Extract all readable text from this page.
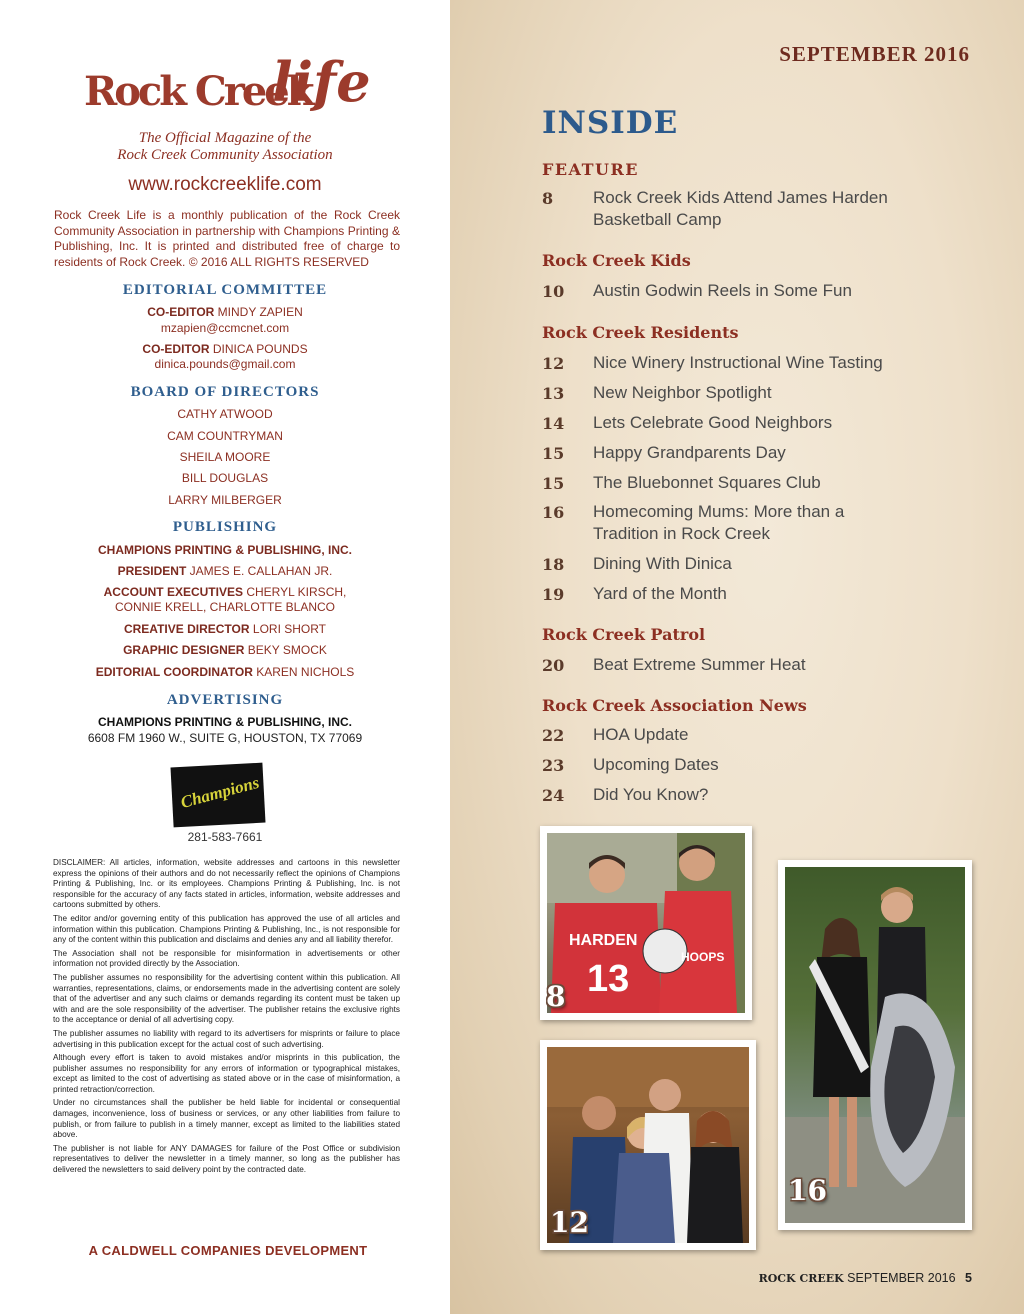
Rock Creek
life
The Official Magazine of the
Rock Creek Community Association
www.rockcreeklife.com
Rock Creek Life is a monthly publication of the Rock Creek Community Association in partnership with Champions Printing & Publishing, Inc. It is printed and distributed free of charge to residents of Rock Creek. © 2016 ALL RIGHTS RESERVED
EDITORIAL COMMITTEE
CO-EDITOR MINDY ZAPIEN
mzapien@ccmcnet.com
CO-EDITOR DINICA POUNDS
dinica.pounds@gmail.com
BOARD OF DIRECTORS
CATHY ATWOOD
CAM COUNTRYMAN
SHEILA MOORE
BILL DOUGLAS
LARRY MILBERGER
PUBLISHING
CHAMPIONS PRINTING & PUBLISHING, INC.
PRESIDENT JAMES E. CALLAHAN JR.
ACCOUNT EXECUTIVES CHERYL KIRSCH,
CONNIE KRELL, CHARLOTTE BLANCO
CREATIVE DIRECTOR LORI SHORT
GRAPHIC DESIGNER BEKY SMOCK
EDITORIAL COORDINATOR KAREN NICHOLS
ADVERTISING
CHAMPIONS PRINTING & PUBLISHING, INC.
6608 FM 1960 W., SUITE G, HOUSTON, TX 77069
Champions
281-583-7661

DISCLAIMER: All articles, information, website addresses and cartoons in this newsletter express the opinions of their authors and do not necessarily reflect the opinions of Champions Printing & Publishing, Inc. or its employees. Champions Printing & Publishing, Inc. is not responsible for the accuracy of any facts stated in articles, information, website addresses and cartoons submitted by others.

The editor and/or governing entity of this publication has approved the use of all articles and information within this publication. Champions Printing & Publishing, Inc., is not responsible for any of the content within this publication and disclaims and denies any and all liability therefor.

The Association shall not be responsible for misinformation in advertisements or other information not provided directly by the Association.

The publisher assumes no responsibility for the advertising content within this publication. All warranties, representations, claims, or endorsements made in the advertising content are solely that of the advertiser and any such claims or demands regarding its content must be taken up with and are the sole responsibility of the advertiser. The publisher retains the exclusive rights to the acceptance or denial of all advertising copy.

The publisher assumes no liability with regard to its advertisers for misprints or failure to place advertising in this publication except for the actual cost of such advertising.

Although every effort is taken to avoid mistakes and/or misprints in this publication, the publisher assumes no responsibility for any errors of information or typographical mistakes, except as limited to the cost of advertising as stated above or in the case of misinformation, a printed retraction/correction.

Under no circumstances shall the publisher be held liable for incidental or consequential damages, inconvenience, loss of business or services, or any other liabilities from failure to publish, or from failure to publish in a timely manner, except as limited to the liabilities stated above.

The publisher is not liable for ANY DAMAGES for failure of the Post Office or subdivision representatives to deliver the newsletter in a timely manner, so long as the publisher has delivered the newsletters to said delivery point by the contracted date.

A CALDWELL COMPANIES DEVELOPMENT
SEPTEMBER 2016
INSIDE
FEATURE
8 Rock Creek Kids Attend James Harden Basketball Camp
Rock Creek Kids
10 Austin Godwin Reels in Some Fun
Rock Creek Residents
12 Nice Winery Instructional Wine Tasting
13 New Neighbor Spotlight
14 Lets Celebrate Good Neighbors
15 Happy Grandparents Day
15 The Bluebonnet Squares Club
16 Homecoming Mums: More than a Tradition in Rock Creek
18 Dining With Dinica
19 Yard of the Month
Rock Creek Patrol
20 Beat Extreme Summer Heat
Rock Creek Association News
22 HOA Update
23 Upcoming Dates
24 Did You Know?
HARDEN
13
HOOPS
8
12
16
ROCK CREEK SEPTEMBER 2016 5
